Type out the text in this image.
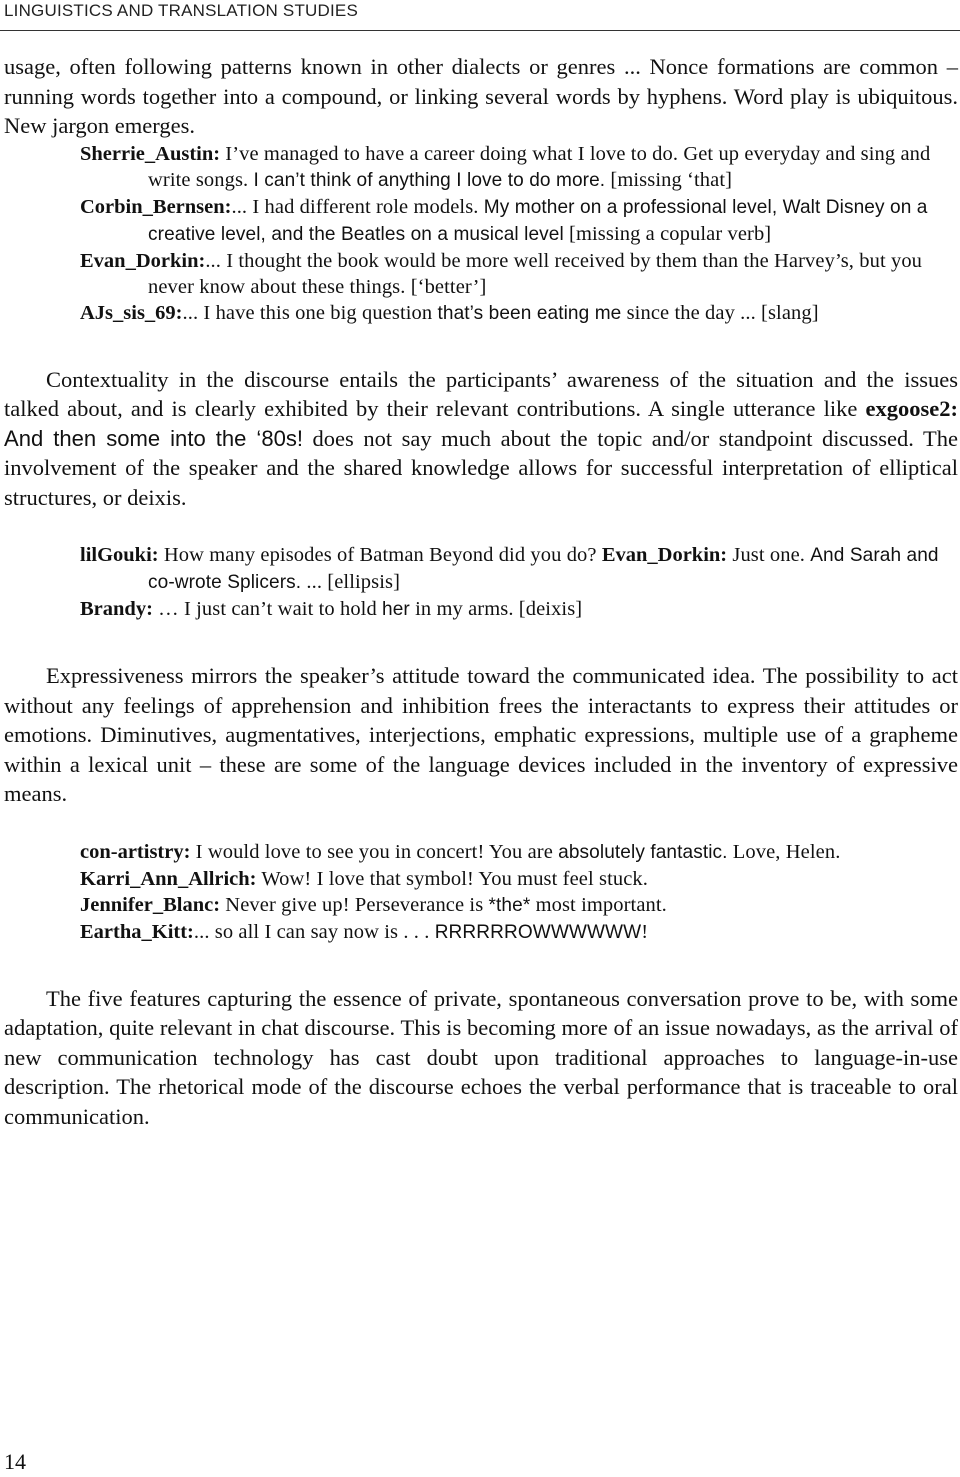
LINGUISTICS AND TRANSLATION STUDIES

usage, often following patterns known in other dialects or genres ... Nonce formations are common – running words together into a compound, or linking several words by hyphens. Word play is ubiquitous. New jargon emerges.

Sherrie_Austin: I’ve managed to have a career doing what I love to do. Get up everyday and sing and write songs. I can’t think of anything I love to do more. [missing ‘that]

Corbin_Bernsen:... I had different role models. My mother on a professional level, Walt Disney on a creative level, and the Beatles on a musical level [missing a copular verb]

Evan_Dorkin:... I thought the book would be more well received by them than the Harvey’s, but you never know about these things. [‘better’]

AJs_sis_69:... I have this one big question that’s been eating me since the day ... [slang]

Contextuality in the discourse entails the participants’ awareness of the situation and the issues talked about, and is clearly exhibited by their relevant contributions. A single utterance like exgoose2: And then some into the ‘80s! does not say much about the topic and/or standpoint discussed. The involvement of the speaker and the shared knowledge allows for successful interpretation of elliptical structures, or deixis.

lilGouki: How many episodes of Batman Beyond did you do? Evan_Dorkin: Just one. And Sarah and co-wrote Splicers. ... [ellipsis]

Brandy: … I just can’t wait to hold her in my arms. [deixis]

Expressiveness mirrors the speaker’s attitude toward the communicated idea. The possibility to act without any feelings of apprehension and inhibition frees the interactants to express their attitudes or emotions. Diminutives, augmentatives, interjections, emphatic expressions, multiple use of a grapheme within a lexical unit – these are some of the language devices included in the inventory of expressive means.

con-artistry: I would love to see you in concert! You are absolutely fantastic. Love, Helen.

Karri_Ann_Allrich: Wow! I love that symbol! You must feel stuck.

Jennifer_Blanc: Never give up! Perseverance is *the* most important.

Eartha_Kitt:... so all I can say now is . . . RRRRRROWWWWWW!

The five features capturing the essence of private, spontaneous conversation prove to be, with some adaptation, quite relevant in chat discourse. This is becoming more of an issue nowadays, as the arrival of new communication technology has cast doubt upon traditional approaches to language-in-use description. The rhetorical mode of the discourse echoes the verbal performance that is traceable to oral communication.

14
